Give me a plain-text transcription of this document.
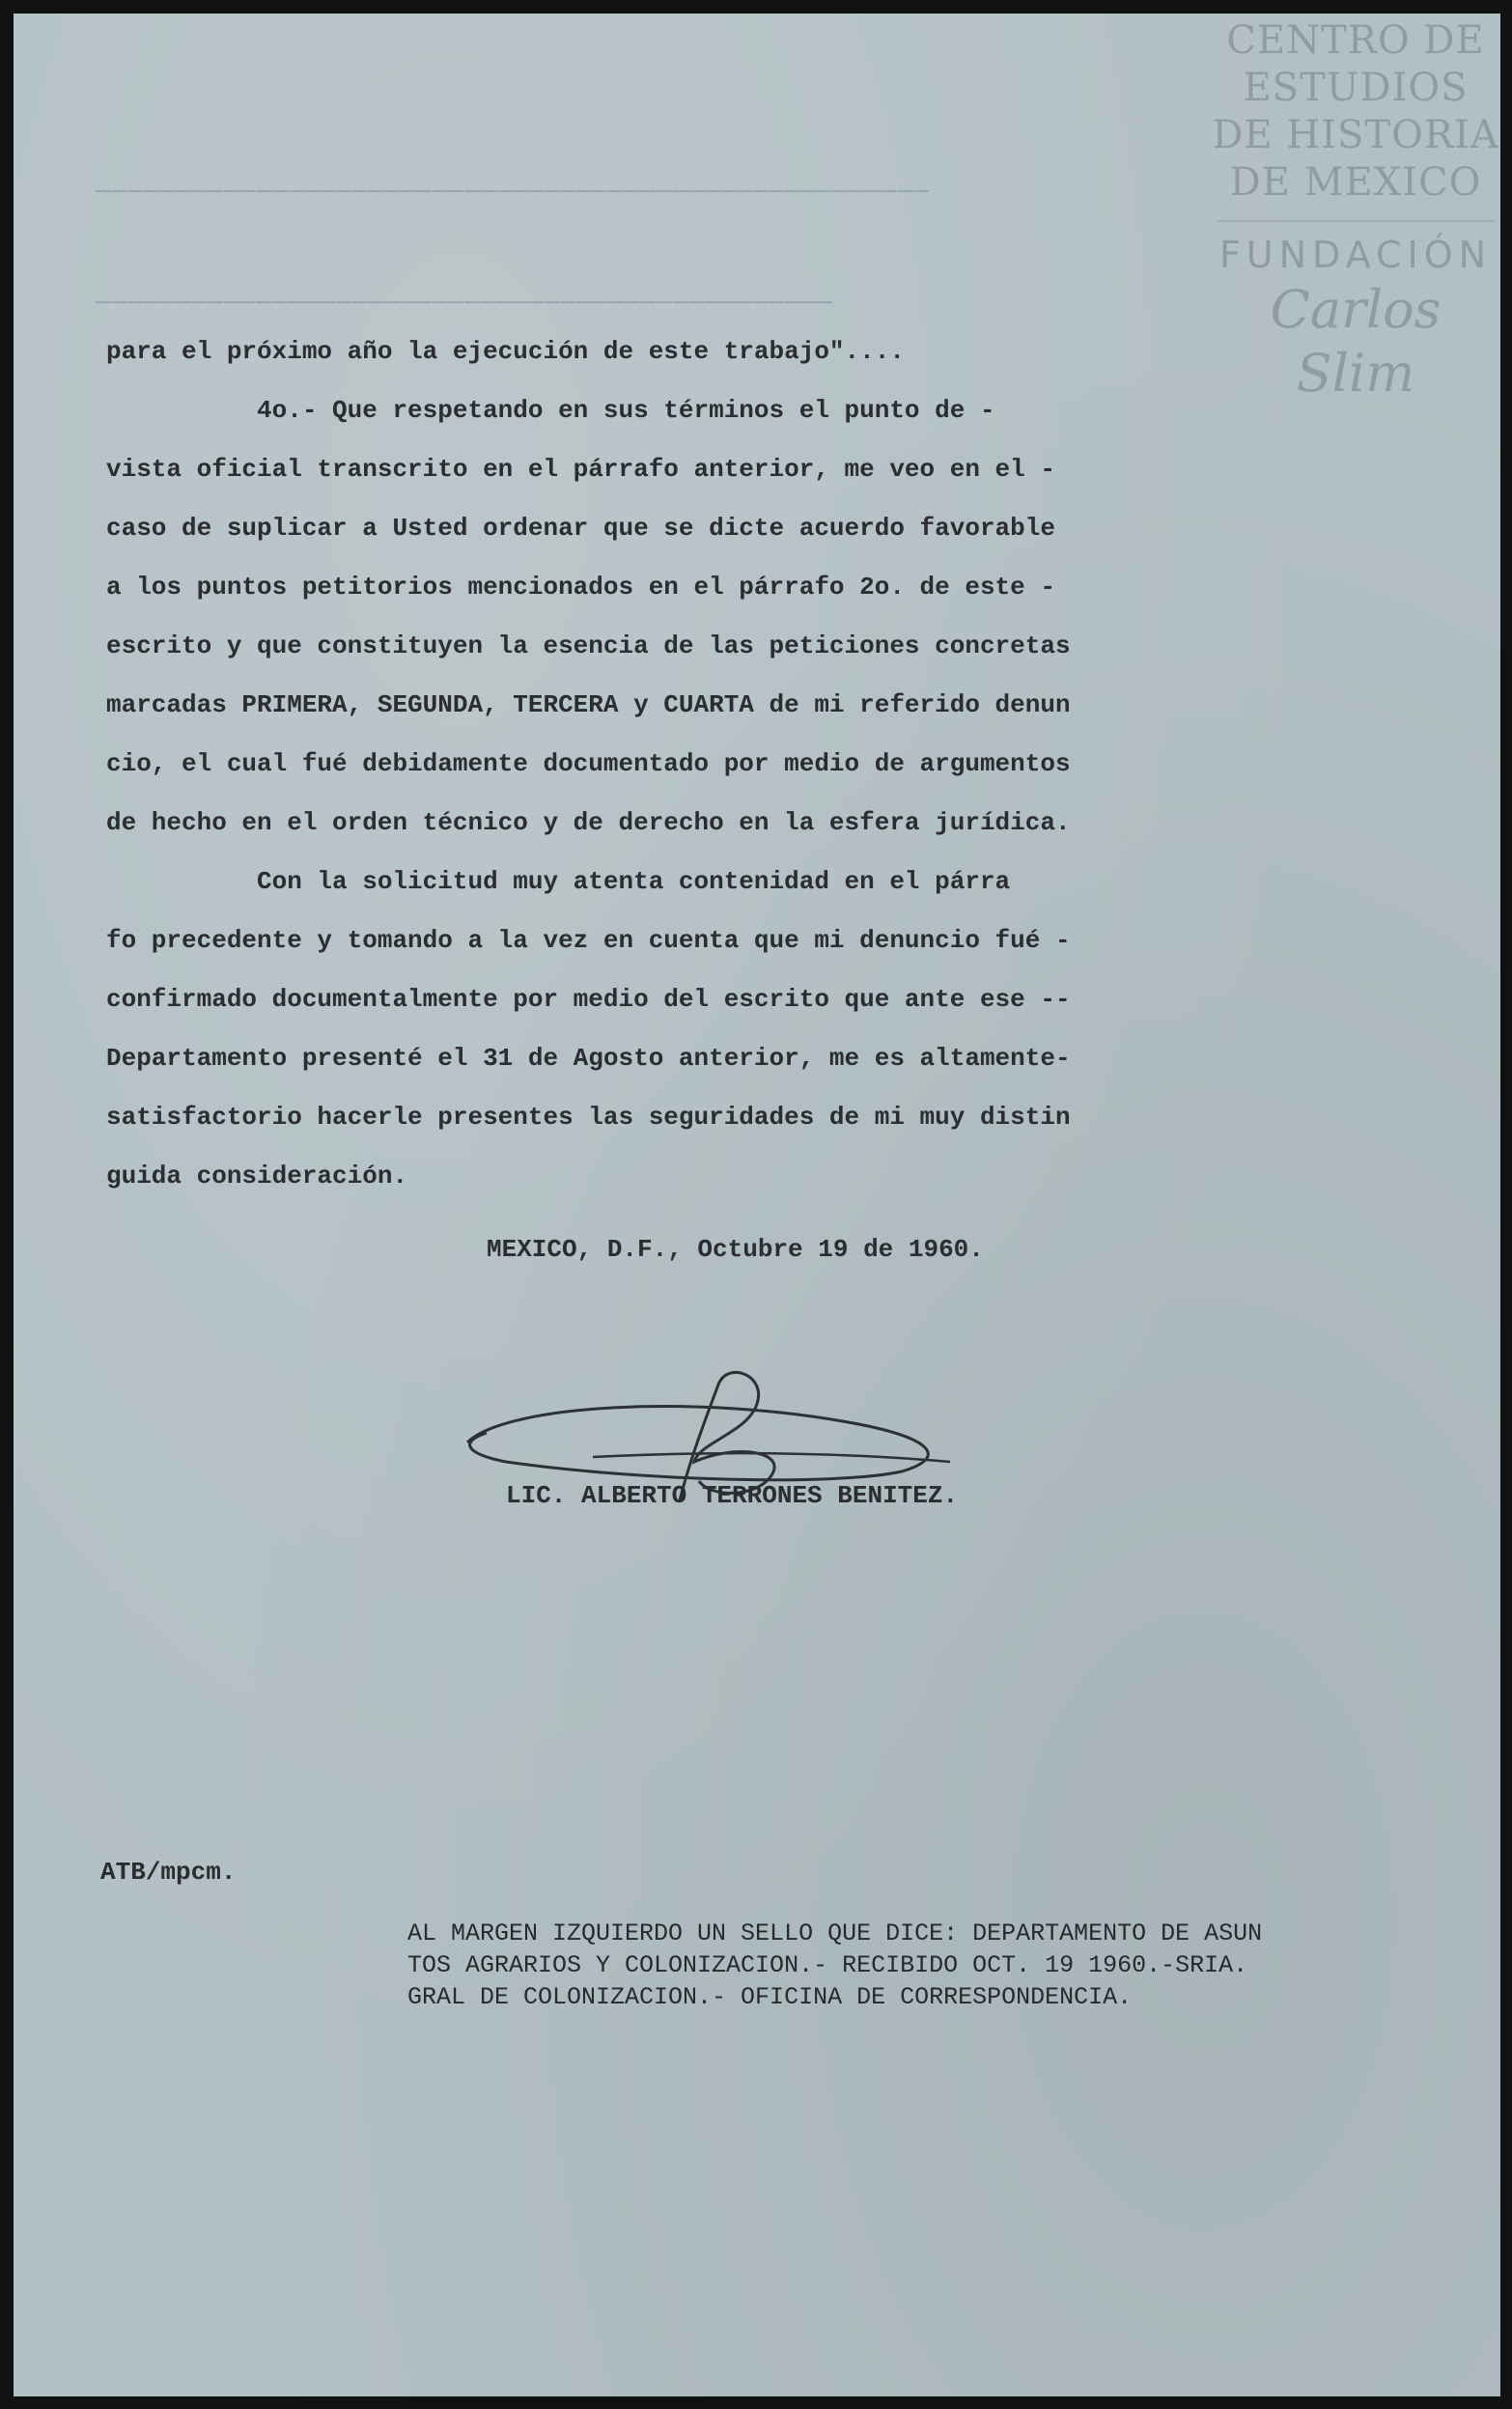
────────────────────────────────────────────────────
──────────────────────────────────────────────
CENTRO DE
ESTUDIOS
DE HISTORIA
DE MEXICO
FUNDACIÓN
Carlos Slim
para el próximo año la ejecución de este trabajo"....
4o.- Que respetando en sus términos el punto de -
vista oficial transcrito en el párrafo anterior, me veo en el -
caso de suplicar a Usted ordenar que se dicte acuerdo favorable
a los puntos petitorios mencionados en el párrafo 2o. de este -
escrito y que constituyen la esencia de las peticiones concretas
marcadas PRIMERA, SEGUNDA, TERCERA y CUARTA de mi referido denun
cio, el cual fué debidamente documentado por medio de argumentos
de hecho en el orden técnico y de derecho en la esfera jurídica.
Con la solicitud muy atenta contenidad en el párra
fo precedente y tomando a la vez en cuenta que mi denuncio fué -
confirmado documentalmente por medio del escrito que ante ese --
Departamento presenté el 31 de Agosto anterior, me es altamente-
satisfactorio hacerle presentes las seguridades de mi muy distin
guida consideración.
MEXICO, D.F., Octubre 19 de 1960.
LIC. ALBERTO TERRONES BENITEZ.
ATB/mpcm.
AL MARGEN IZQUIERDO UN SELLO QUE DICE: DEPARTAMENTO DE ASUN
TOS AGRARIOS Y COLONIZACION.- RECIBIDO OCT. 19 1960.-SRIA.
GRAL DE COLONIZACION.- OFICINA DE CORRESPONDENCIA.
